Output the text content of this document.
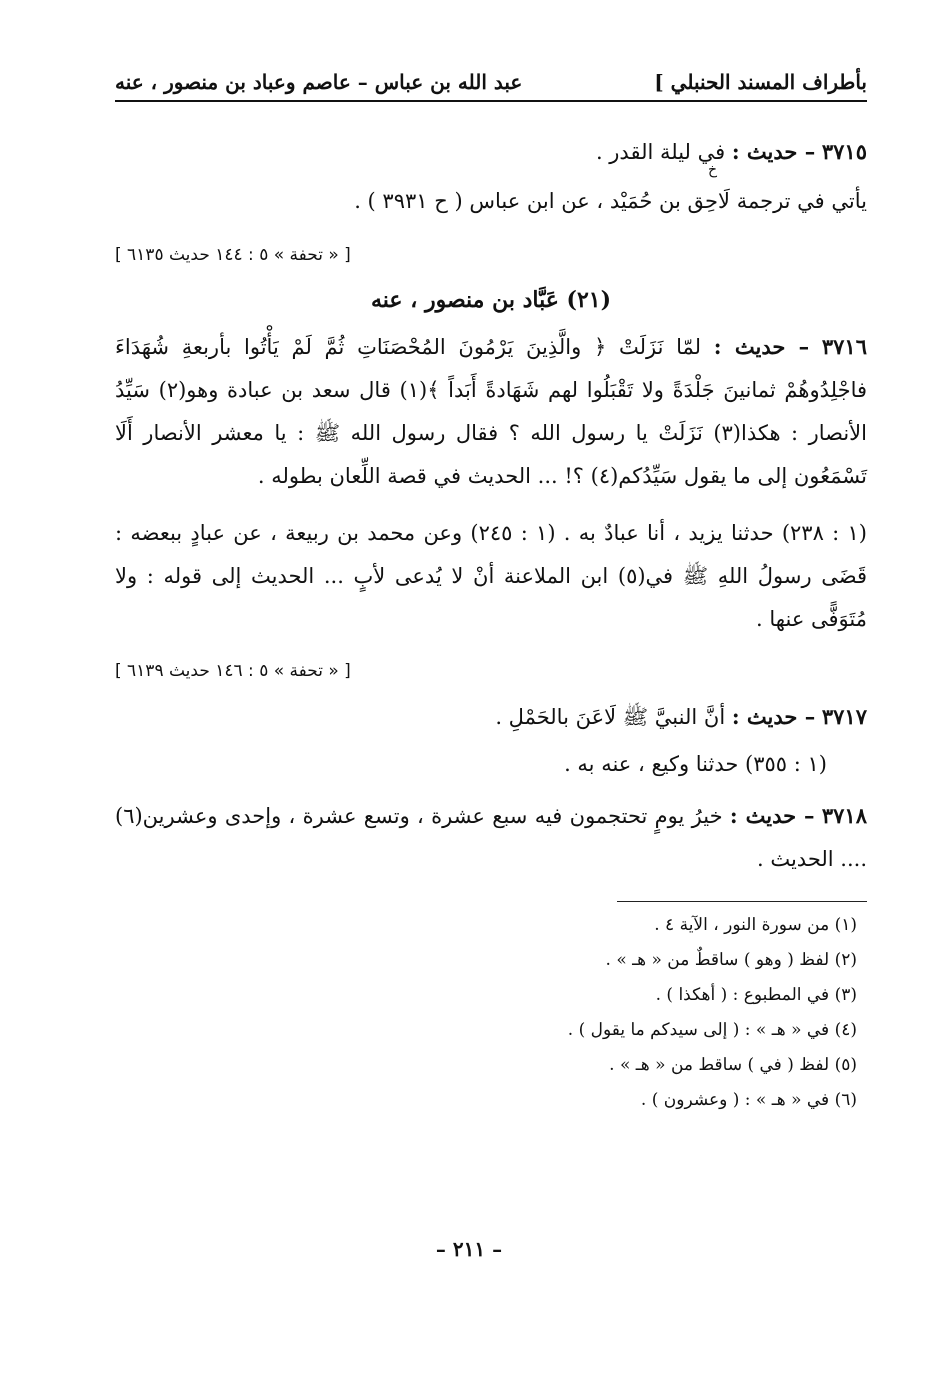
بأطراف المسند الحنبلي ]
عبد الله بن عباس – عاصم وعباد بن منصور ، عنه

٣٧١٥ – حديث : في ليلة القدر .

خ

يأتي في ترجمة لَاحِق بن حُمَيْد ، عن ابن عباس ( ح ٣٩٣١ ) .

[ « تحفة » ٥ : ١٤٤ حديث ٦١٣٥ ]

(٢١) عَبَّاد بن منصور ، عنه

٣٧١٦ – حديث : لمّا نَزَلَتْ ﴿ والَّذِينَ يَرْمُونَ المُحْصَنَاتِ ثُمَّ لَمْ يَأْتُوا بأربعةِ شُهَدَاءَ فاجْلِدُوهُمْ ثمانينَ جَلْدَةً ولا تَقْبَلُوا لهم شَهَادةً أَبَداً ﴾(١) قال سعد بن عبادة وهو(٢) سَيِّدُ الأنصار : هكذا(٣) نَزَلَتْ يا رسول الله ؟ فقال رسول الله ﷺ : يا معشر الأنصار أَلَا تَسْمَعُون إلى ما يقول سَيِّدُكم(٤) ؟! ... الحديث في قصة اللِّعان بطوله .

(١ : ٢٣٨) حدثنا يزيد ، أنا عبادٌ به . (١ : ٢٤٥) وعن محمد بن ربيعة ، عن عبادٍ ببعضه : قَضَى رسولُ اللهِ ﷺ في(٥) ابن الملاعنة أنْ لا يُدعى لأبٍ ... الحديث إلى قوله : ولا مُتَوَفًّى عنها .

[ « تحفة » ٥ : ١٤٦ حديث ٦١٣٩ ]

٣٧١٧ – حديث : أنَّ النبيَّ ﷺ لَاعَنَ بالحَمْلِ .

(١ : ٣٥٥) حدثنا وكيع ، عنه به .

٣٧١٨ – حديث : خيرُ يومٍ تحتجمون فيه سبع عشرة ، وتسع عشرة ، وإحدى وعشرين(٦) .... الحديث .

(١) من سورة النور ، الآية ٤ .
(٢) لفظ ( وهو ) ساقطٌ من « هـ » .
(٣) في المطبوع : ( أهكذا ) .
(٤) في « هـ » : ( إلى سيدكم ما يقول ) .
(٥) لفظ ( في ) ساقط من « هـ » .
(٦) في « هـ » : ( وعشرون ) .
– ٢١١ –
